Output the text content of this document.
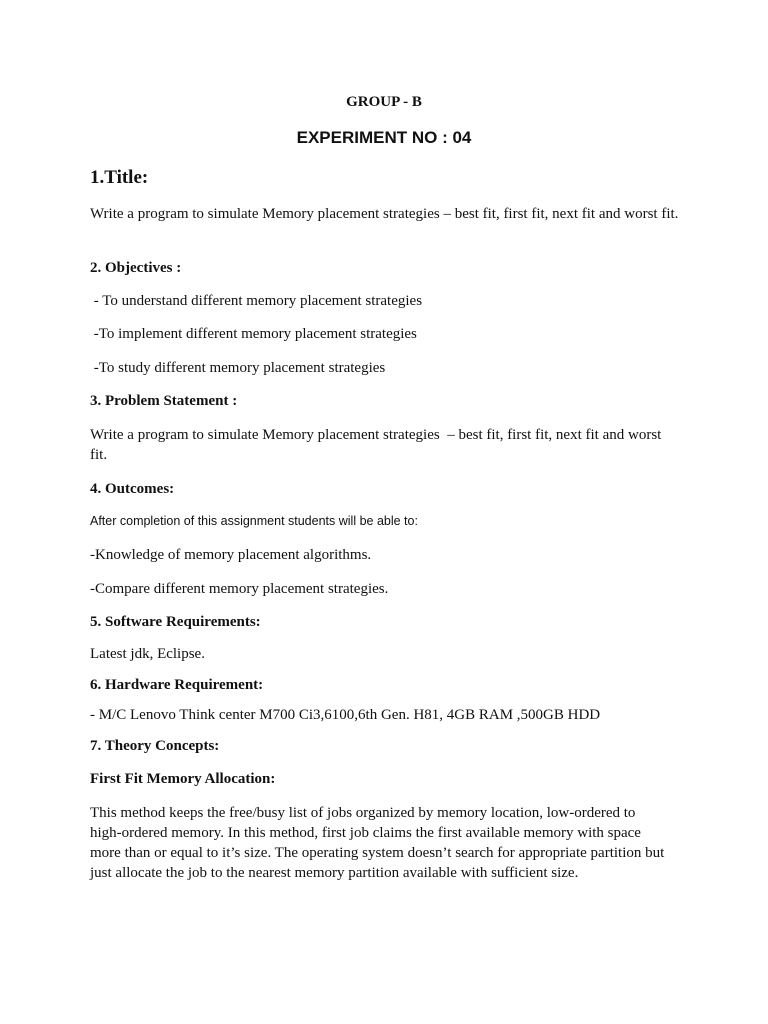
GROUP - B
EXPERIMENT NO : 04
1.Title:
Write a program to simulate Memory placement strategies – best fit, first fit, next fit and worst fit.
2. Objectives :
- To understand different memory placement strategies
-To implement different memory placement strategies
-To study different memory placement strategies
3. Problem Statement :
Write a program to simulate Memory placement strategies  – best fit, first fit, next fit and worst fit.
4. Outcomes:
After completion of this assignment students will be able to:
-Knowledge of memory placement algorithms.
-Compare different memory placement strategies.
5. Software Requirements:
Latest jdk, Eclipse.
6. Hardware Requirement:
- M/C Lenovo Think center M700 Ci3,6100,6th Gen. H81, 4GB RAM ,500GB HDD
7. Theory Concepts:
First Fit Memory Allocation:
This method keeps the free/busy list of jobs organized by memory location, low-ordered to
high-ordered memory. In this method, first job claims the first available memory with space
more than or equal to it’s size. The operating system doesn’t search for appropriate partition but
just allocate the job to the nearest memory partition available with sufficient size.
